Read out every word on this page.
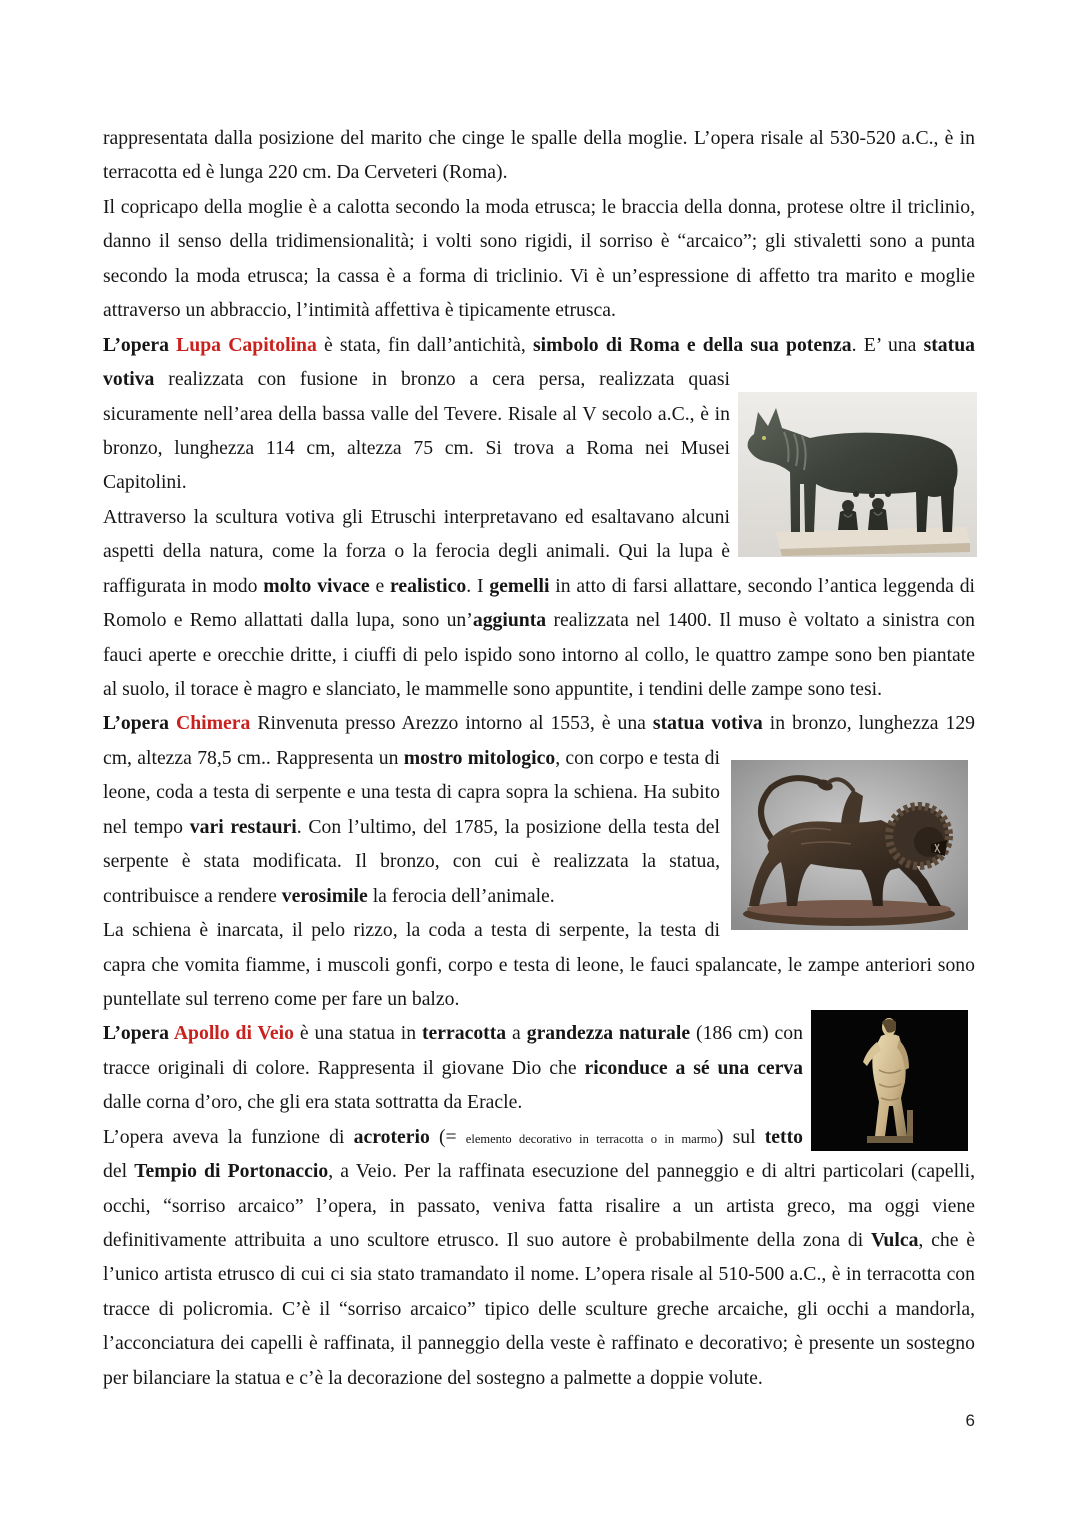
rappresentata dalla posizione del marito che cinge le spalle della moglie. L’opera risale al 530-520 a.C., è in
terracotta ed è lunga 220 cm. Da Cerveteri (Roma).
Il copricapo della moglie è a calotta secondo la moda etrusca; le braccia della donna, protese oltre il triclinio,
danno il senso della tridimensionalità; i volti sono rigidi, il sorriso è “arcaico”; gli stivaletti sono a punta
secondo la moda etrusca; la cassa è a forma di triclinio. Vi è un’espressione di affetto tra marito e moglie
attraverso un abbraccio, l’intimità affettiva è tipicamente etrusca.
L’opera Lupa Capitolina è stata, fin dall’antichità, simbolo di Roma e della sua potenza. E’ una statua
votiva realizzata con fusione in bronzo a cera persa, realizzata quasi
sicuramente nell’area della bassa valle del Tevere. Risale al V secolo a.C., è in
bronzo, lunghezza 114 cm, altezza 75 cm. Si trova a Roma nei Musei
Capitolini.
Attraverso la scultura votiva gli Etruschi interpretavano ed esaltavano alcuni
aspetti della natura, come la forza o la ferocia degli animali. Qui la lupa è
raffigurata in modo molto vivace e realistico. I gemelli in atto di farsi allattare, secondo l’antica leggenda di
Romolo e Remo allattati dalla lupa, sono un’aggiunta realizzata nel 1400. Il muso è voltato a sinistra con
fauci aperte e orecchie dritte, i ciuffi di pelo ispido sono intorno al collo, le quattro zampe sono ben piantate
al suolo, il torace è magro e slanciato, le mammelle sono appuntite, i tendini delle zampe sono tesi.
L’opera Chimera Rinvenuta presso Arezzo intorno al 1553, è una statua votiva in bronzo, lunghezza 129
cm, altezza 78,5 cm.. Rappresenta un mostro mitologico, con corpo e testa di
leone, coda a testa di serpente e una testa di capra sopra la schiena. Ha subito
nel tempo vari restauri. Con l’ultimo, del 1785, la posizione della testa del
serpente è stata modificata. Il bronzo, con cui è realizzata la statua,
contribuisce a rendere verosimile la ferocia dell’animale.
La schiena è inarcata, il pelo rizzo, la coda a testa di serpente, la testa di
capra che vomita fiamme, i muscoli gonfi, corpo e testa di leone, le fauci spalancate, le zampe anteriori sono
puntellate sul terreno come per fare un balzo.
L’opera Apollo di Veio è una statua in terracotta a grandezza naturale (186 cm) con
tracce originali di colore. Rappresenta il giovane Dio che riconduce a sé una cerva
dalle corna d’oro, che gli era stata sottratta da Eracle.
L’opera aveva la funzione di acroterio (= elemento decorativo in terracotta o in marmo) sul tetto
del Tempio di Portonaccio, a Veio. Per la raffinata esecuzione del panneggio e di altri particolari (capelli,
occhi, “sorriso arcaico” l’opera, in passato, veniva fatta risalire a un artista greco, ma oggi viene
definitivamente attribuita a uno scultore etrusco. Il suo autore è probabilmente della zona di Vulca, che è
l’unico artista etrusco di cui ci sia stato tramandato il nome. L’opera risale al 510-500 a.C., è in terracotta con
tracce di policromia. C’è il “sorriso arcaico” tipico delle sculture greche arcaiche, gli occhi a mandorla,
l’acconciatura dei capelli è raffinata, il panneggio della veste è raffinato e decorativo; è presente un sostegno
per bilanciare la statua e c’è la decorazione del sostegno a palmette a doppie volute.
6
